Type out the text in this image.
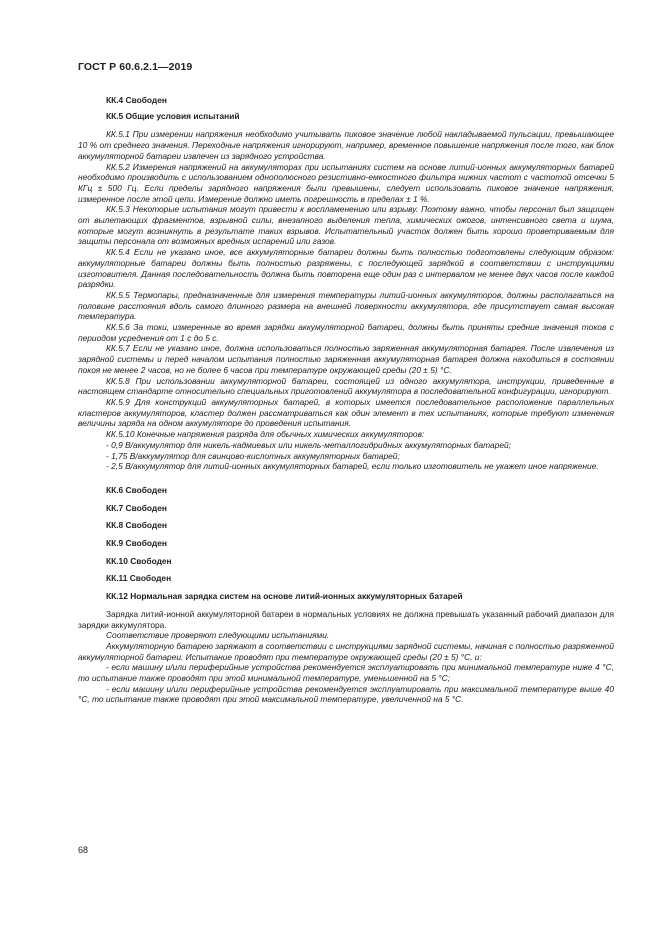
ГОСТ Р 60.6.2.1—2019
КК.4 Свободен
КК.5 Общие условия испытаний

КК.5.1 При измерении напряжения необходимо учитывать пиковое значение любой накладываемой пульсации, превышающее 10 % от среднего значения. Переходные напряжения игнорируют, например, временное повышение напряжения после того, как блок аккумуляторной батареи извлечен из зарядного устройства.

КК.5.2 Измерения напряжений на аккумуляторах при испытаниях систем на основе литий-ионных аккумуляторных батарей необходимо производить с использованием однополюсного резистивно-емкостного фильтра нижних частот с частотой отсечки 5 КГц ± 500 Гц. Если пределы зарядного напряжения были превышены, следует использовать пиковое значение напряжения, измеренное после этой цепи. Измерение должно иметь погрешность в пределах ± 1 %.

КК.5.3 Некоторые испытания могут привести к воспламенению или взрыву. Поэтому важно, чтобы персонал был защищен от вылетающих фрагментов, взрывной силы, внезапного выделения тепла, химических ожогов, интенсивного света и шума, которые могут возникнуть в результате таких взрывов. Испытательный участок должен быть хорошо проветриваемым для защиты персонала от возможных вредных испарений или газов.

КК.5.4 Если не указано иное, все аккумуляторные батареи должны быть полностью подготовлены следующим образом: аккумуляторные батареи должны быть полностью разряжены, с последующей зарядкой в соответствии с инструкциями изготовителя. Данная последовательность должна быть повторена еще один раз с интервалом не менее двух часов после каждой разрядки.

КК.5.5 Термопары, предназначенные для измерения температуры литий-ионных аккумуляторов, должны располагаться на половине расстояния вдоль самого длинного размера на внешней поверхности аккумулятора, где присутствует самая высокая температура.

КК.5.6 За токи, измеренные во время зарядки аккумуляторной батареи, должны быть приняты средние значения токов с периодом усреднения от 1 с до 5 с.

КК.5.7 Если не указано иное, должна использоваться полностью заряженная аккумуляторная батарея. После извлечения из зарядной системы и перед началом испытания полностью заряженная аккумуляторная батарея должна находиться в состоянии покоя не менее 2 часов, но не более 6 часов при температуре окружающей среды (20 ± 5) °С.

КК.5.8 При использовании аккумуляторной батареи, состоящей из одного аккумулятора, инструкции, приведенные в настоящем стандарте относительно специальных приготовлений аккумулятора в последовательной конфигурации, игнорируют.

КК.5.9 Для конструкций аккумуляторных батарей, в которых имеется последовательное расположение параллельных кластеров аккумуляторов, кластер должен рассматриваться как один элемент в тех испытаниях, которые требуют изменения величины заряда на одном аккумуляторе до проведения испытания.

КК.5.10 Конечные напряжения разряда для обычных химических аккумуляторов:

- 0,9 В/аккумулятор для никель-кадмиевых или никель-металлогидридных аккумуляторных батарей;

- 1,75 В/аккумулятор для свинцово-кислотных аккумуляторных батарей;

- 2,5 В/аккумулятор для литий-ионных аккумуляторных батарей, если только изготовитель не укажет иное напряжение.

КК.6 Свободен
КК.7 Свободен
КК.8 Свободен
КК.9 Свободен
КК.10 Свободен
КК.11 Свободен
КК.12 Нормальная зарядка систем на основе литий-ионных аккумуляторных батарей

Зарядка литий-ионной аккумуляторной батареи в нормальных условиях не должна превышать указанный рабочий диапазон для зарядки аккумулятора.

Соответствие проверяют следующими испытаниями.

Аккумуляторную батарею заряжают в соответствии с инструкциями зарядной системы, начиная с полностью разряженной аккумуляторной батареи. Испытание проводят при температуре окружающей среды (20 ± 5) °С, и:

- если машину и/или периферийные устройства рекомендуется эксплуатировать при минимальной температуре ниже 4 °С, то испытание также проводят при этой минимальной температуре, уменьшенной на 5 °С;

- если машину и/или периферийные устройства рекомендуется эксплуатировать при максимальной температуре выше 40 °С, то испытание также проводят при этой максимальной температуре, увеличенной на 5 °С.

68
